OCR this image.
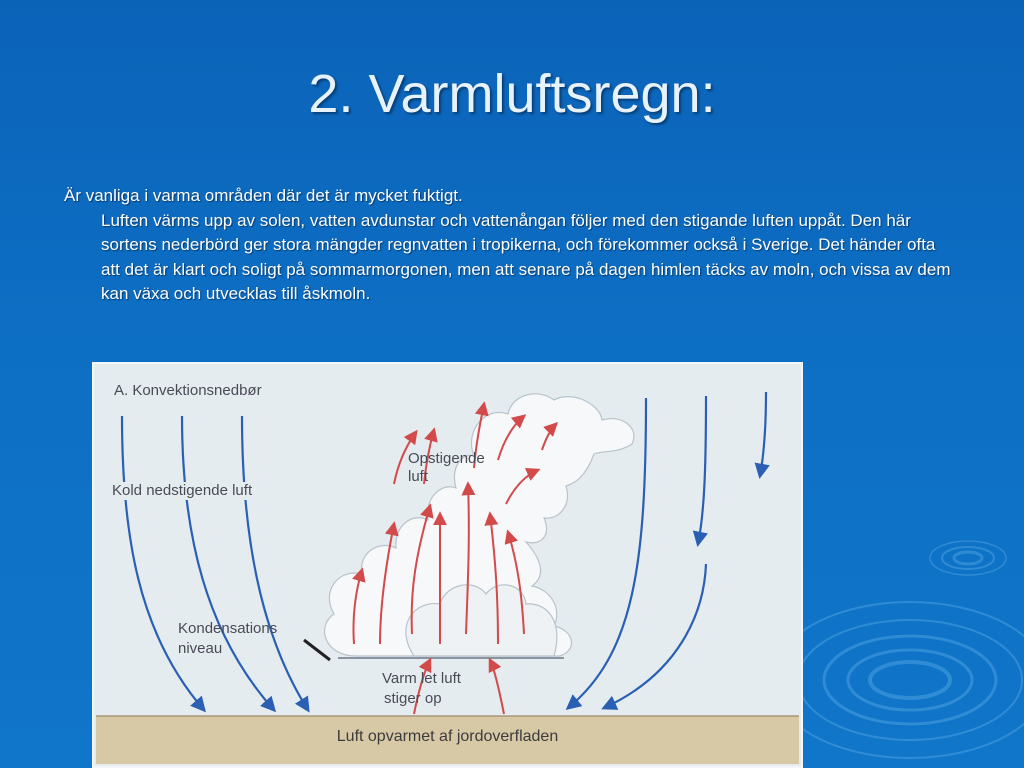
2. Varmluftsregn:
Är vanliga i varma områden där det är mycket fuktigt.
Luften värms upp av solen, vatten avdunstar och vattenångan följer med den stigande luften uppåt. Den här sortens nederbörd ger stora mängder regnvatten i tropikerna, och förekommer också i Sverige. Det händer ofta att det är klart och soligt på sommarmorgonen, men att senare på dagen himlen täcks av moln, och vissa av dem kan växa och utvecklas till åskmoln.
A. Konvektionsnedbør
Kold nedstigende luft
Opstigende
luft
Kondensations
niveau
Varm let luft
stiger op
Luft opvarmet af jordoverfladen
